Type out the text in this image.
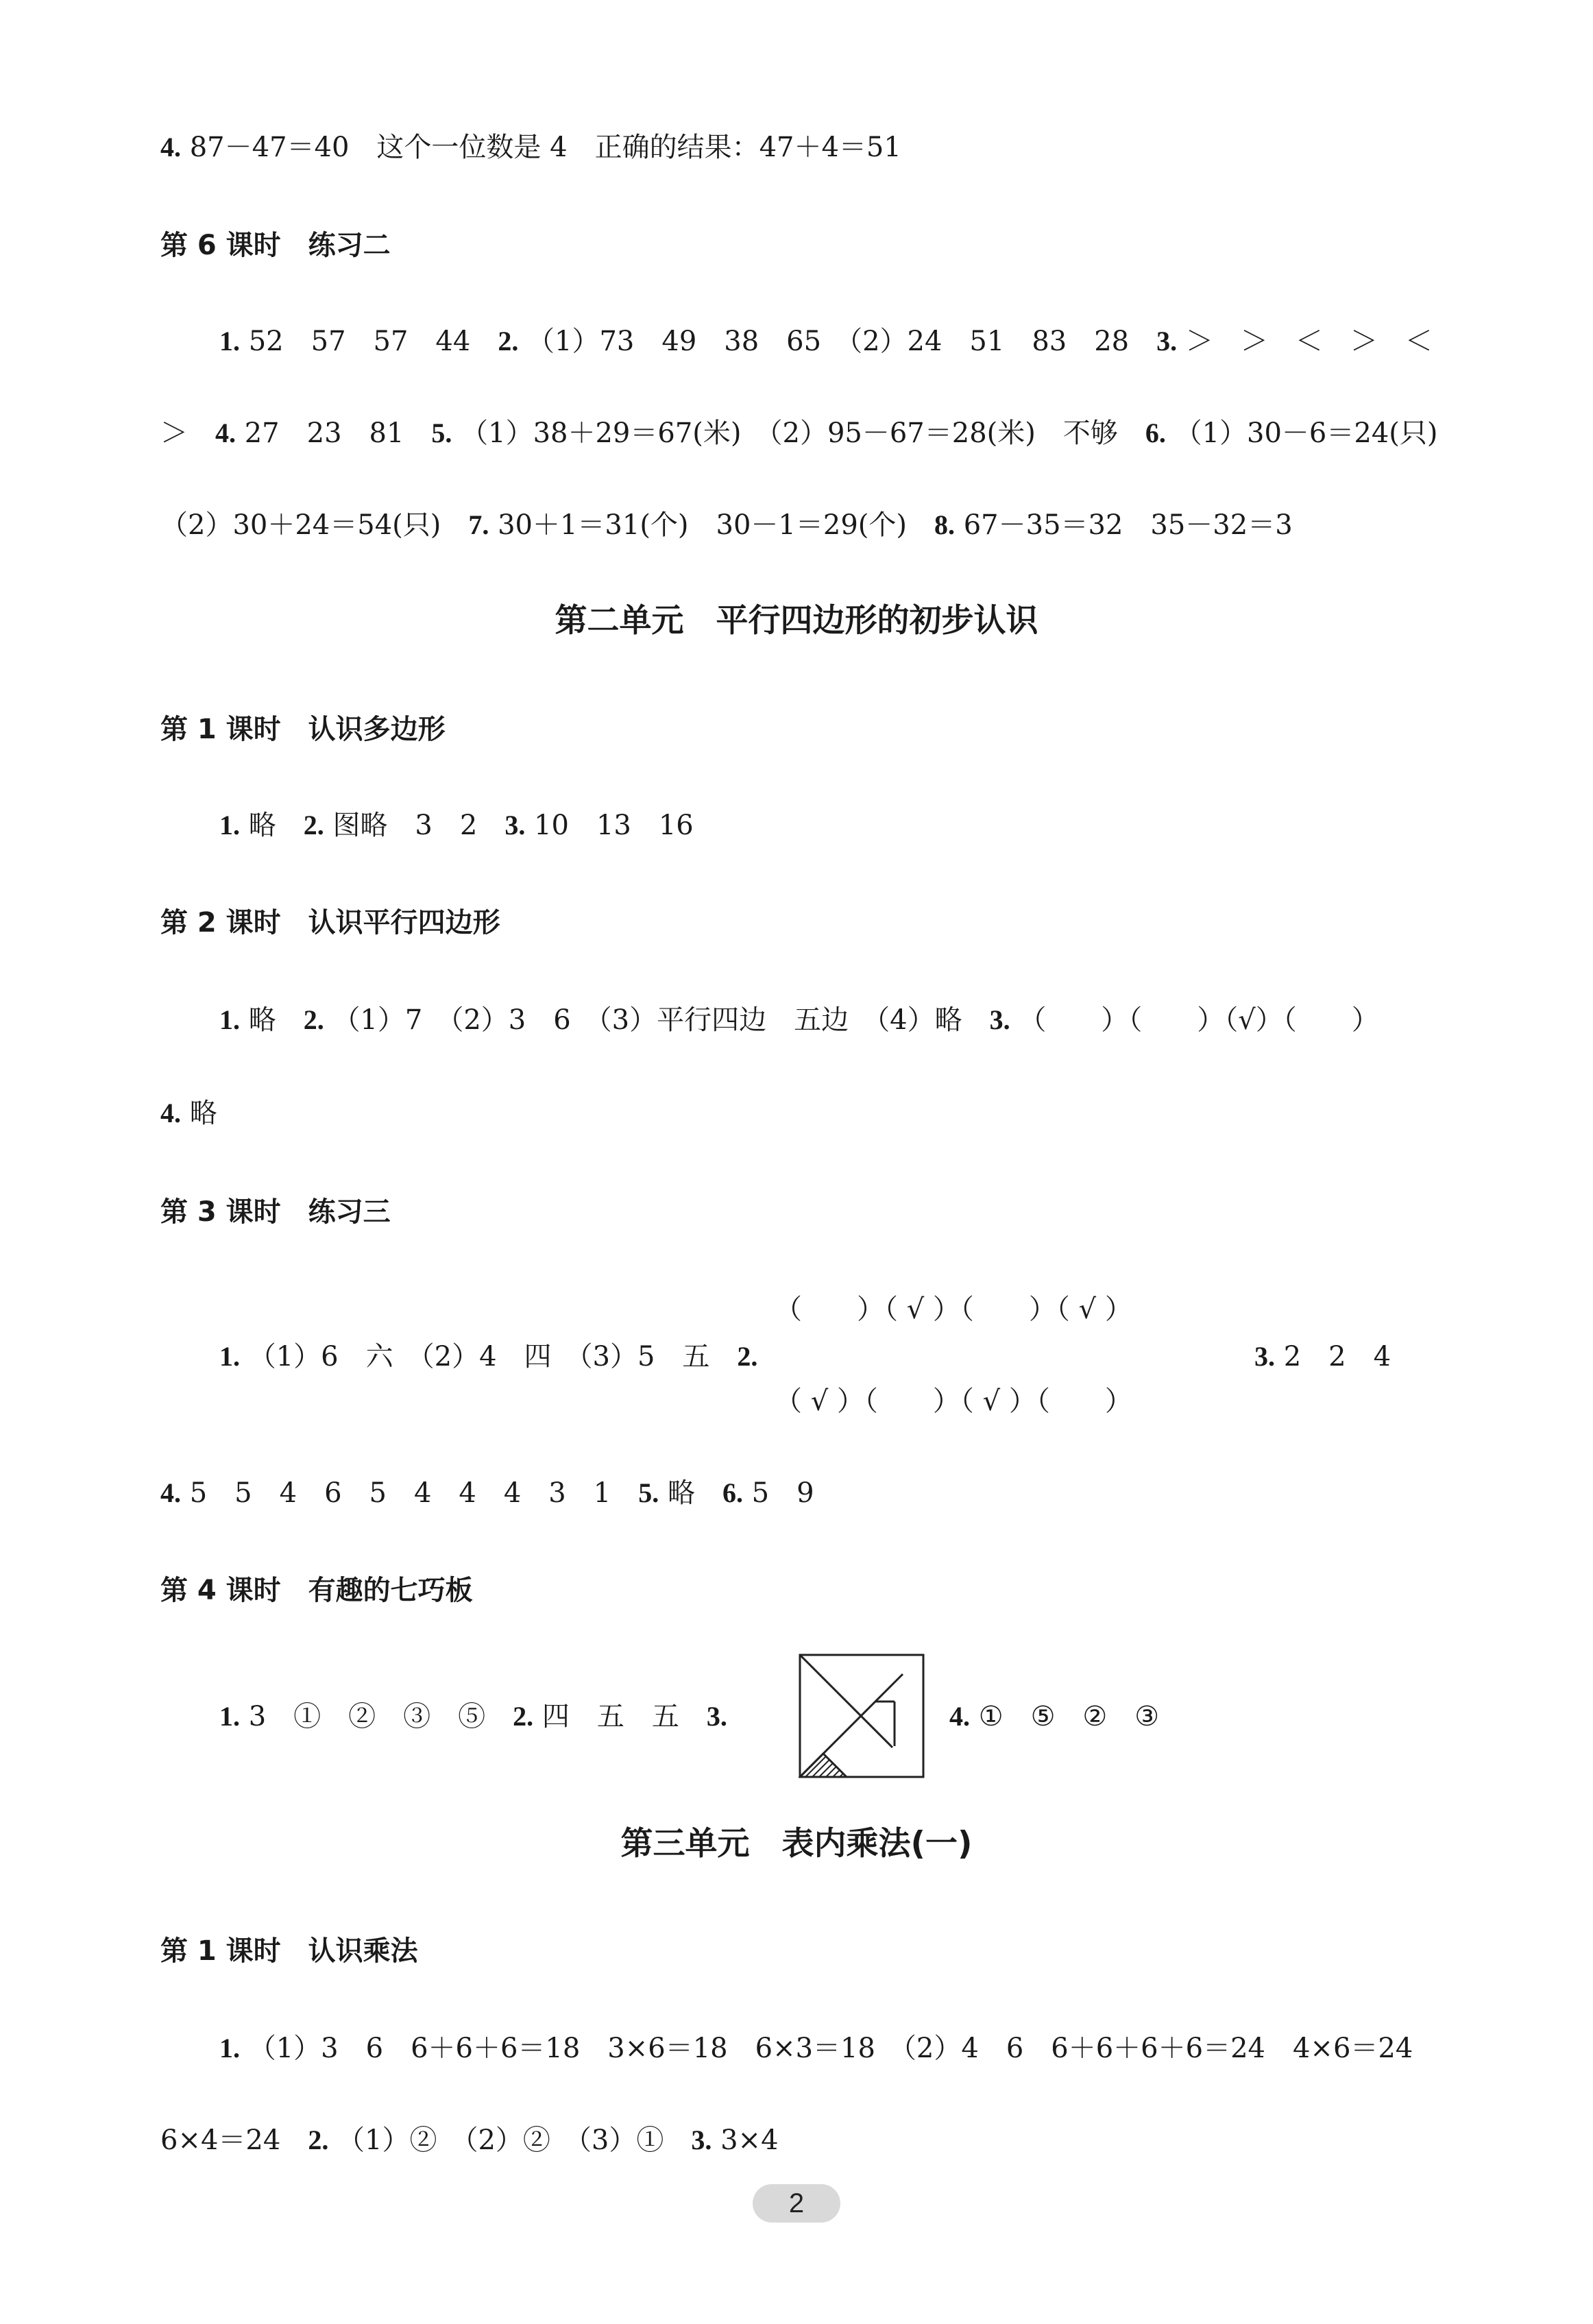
4. 87－47＝40　这个一位数是 4　正确的结果：47＋4＝51
第 6 课时　练习二
1. 52　57　57　44　2. （1）73　49　38　65　（2）24　51　83　28　3. ＞　＞　＜　＞　＜
＞　4. 27　23　81　5. （1）38＋29＝67(米)　（2）95－67＝28(米)　不够　6. （1）30－6＝24(只)
（2）30＋24＝54(只)　7. 30＋1＝31(个)　30－1＝29(个)　8. 67－35＝32　35－32＝3
第二单元　平行四边形的初步认识
第 1 课时　认识多边形
1. 略　2. 图略　3　2　3. 10　13　16
第 2 课时　认识平行四边形
1. 略　2. （1）7　（2）3　6　（3）平行四边　五边　（4）略　3. （　　）（　　）（√）（　　）
4. 略
第 3 课时　练习三
1. （1）6　六　（2）4　四　（3）5　五　2.
（　　）（ √ ）（　　）（ √ ）
（ √ ）（　　）（ √ ）（　　）
3. 2　2　4
4. 5　5　4　6　5　4　4　4　3　1　5. 略　6. 5　9
第 4 课时　有趣的七巧板
1. 3　①　②　③　⑤　2. 四　五　五　3.	4. ①　⑤　②　③
第三单元　表内乘法(一)
第 1 课时　认识乘法
1. （1）3　6　6＋6＋6＝18　3×6＝18　6×3＝18　（2）4　6　6＋6＋6＋6＝24　4×6＝24
6×4＝24　2. （1）②　（2）②　（3）①　3. 3×4
2
